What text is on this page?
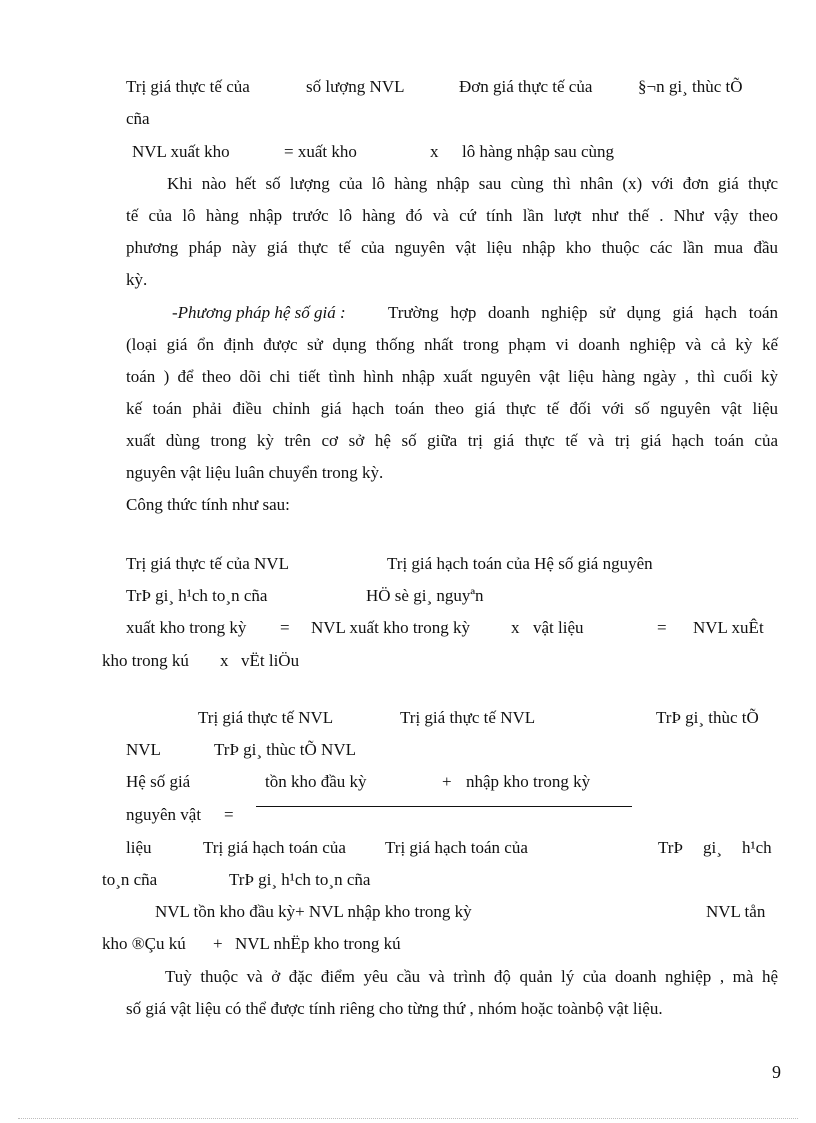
Trị giá thực tế của	số lượng NVL	Đơn giá thực tế của	§¬n gi¸ thùc tÕ
cña
NVL xuất kho	= xuất kho	x lô hàng nhập sau cùng
Khi nào hết số lượng của lô hàng nhập sau cùng thì nhân (x) với đơn giá thực
tế của lô hàng nhập trước lô hàng đó và cứ tính lần lượt như thế . Như vậy theo
phương pháp này giá thực tế của nguyên vật liệu nhập kho thuộc các lần mua đầu
kỳ.
-Phương pháp hệ số giá : Trường hợp doanh nghiệp sử dụng giá hạch toán
(loại giá ổn định được sử dụng thống nhất trong phạm vi doanh nghiệp và cả kỳ kế
toán ) để theo dõi chi tiết tình hình nhập xuất nguyên vật liệu hàng ngày , thì cuối kỳ
kế toán phải điều chỉnh giá hạch toán theo giá thực tế đối với số nguyên vật liệu
xuất dùng trong kỳ trên cơ sở hệ số giữa trị giá thực tế và trị giá hạch toán của
nguyên vật liệu luân chuyển trong kỳ.
Công thức tính như sau:
Trị giá thực tế của NVL	Trị giá hạch toán của Hệ số giá nguyên
TrÞ gi¸ h¹ch to¸n cña	HÖ sè gi¸ nguyªn
xuất kho trong kỳ = NVL xuất kho trong kỳ x vật liệu	= NVL xuÊt
kho trong kú x vËt liÖu
Trị giá thực tế NVL	Trị giá thực tế NVL	TrÞ gi¸ thùc tÕ
NVL	TrÞ gi¸ thùc tÕ NVL
Hệ số giá	tồn kho đầu kỳ	+ nhập kho trong kỳ
nguyên vật =
liệu	Trị giá hạch toán của Trị giá hạch toán của	TrÞ gi¸ h¹ch
to¸n cña	TrÞ gi¸ h¹ch to¸n cña
NVL tồn kho đầu kỳ+ NVL nhập kho trong kỳ	NVL tån
kho ®Çu kú + NVL nhËp kho trong kú
Tuỳ thuộc và ở đặc điểm yêu cầu và trình độ quản lý của doanh nghiệp , mà hệ
số giá vật liệu có thể được tính riêng cho từng thứ , nhóm hoặc toànbộ vật liệu.
9
